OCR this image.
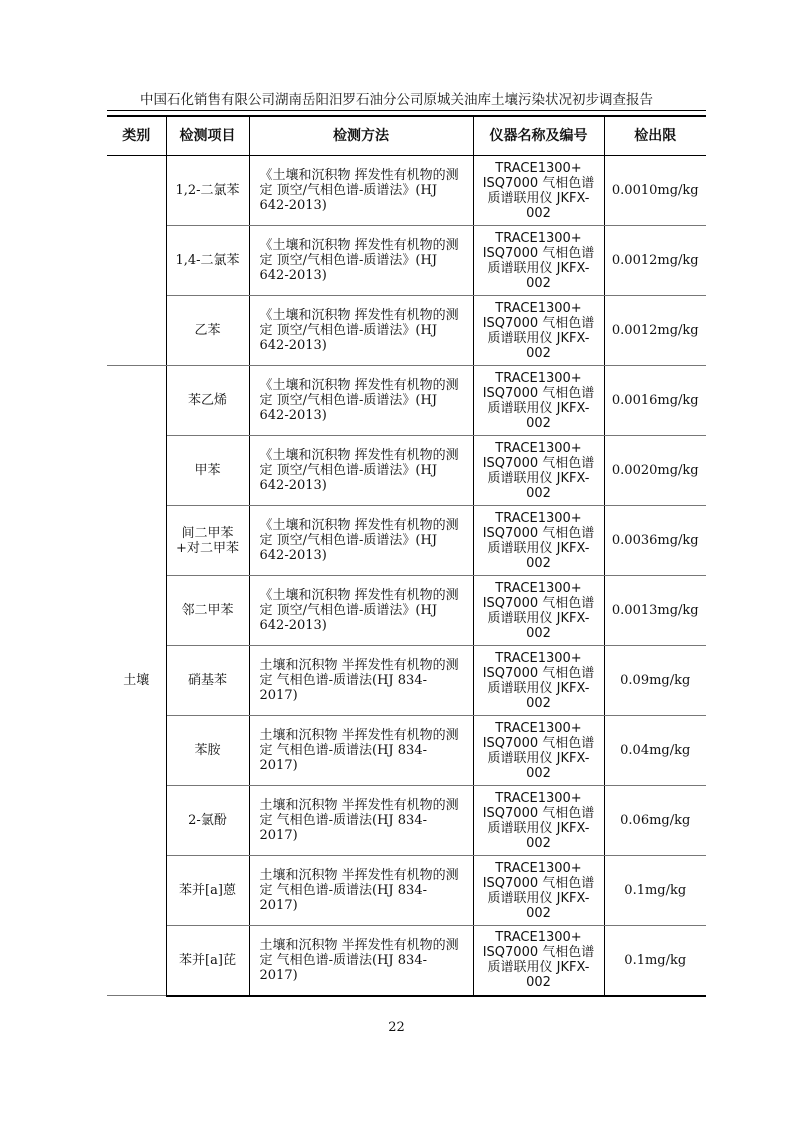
中国石化销售有限公司湖南岳阳汨罗石油分公司原城关油库土壤污染状况初步调查报告
类别	检测项目	检测方法	仪器名称及编号	检出限
	1,2-二氯苯	《土壤和沉积物 挥发性有机物的测定 顶空/气相色谱-质谱法》(HJ 642-2013)	TRACE1300+ ISQ7000 气相色谱质谱联用仪 JKFX-002	0.0010mg/kg
	1,4-二氯苯	《土壤和沉积物 挥发性有机物的测定 顶空/气相色谱-质谱法》(HJ 642-2013)	TRACE1300+ ISQ7000 气相色谱质谱联用仪 JKFX-002	0.0012mg/kg
	乙苯	《土壤和沉积物 挥发性有机物的测定 顶空/气相色谱-质谱法》(HJ 642-2013)	TRACE1300+ ISQ7000 气相色谱质谱联用仪 JKFX-002	0.0012mg/kg
土壤	苯乙烯	《土壤和沉积物 挥发性有机物的测定 顶空/气相色谱-质谱法》(HJ 642-2013)	TRACE1300+ ISQ7000 气相色谱质谱联用仪 JKFX-002	0.0016mg/kg
	甲苯	《土壤和沉积物 挥发性有机物的测定 顶空/气相色谱-质谱法》(HJ 642-2013)	TRACE1300+ ISQ7000 气相色谱质谱联用仪 JKFX-002	0.0020mg/kg
	间二甲苯+对二甲苯	《土壤和沉积物 挥发性有机物的测定 顶空/气相色谱-质谱法》(HJ 642-2013)	TRACE1300+ ISQ7000 气相色谱质谱联用仪 JKFX-002	0.0036mg/kg
	邻二甲苯	《土壤和沉积物 挥发性有机物的测定 顶空/气相色谱-质谱法》(HJ 642-2013)	TRACE1300+ ISQ7000 气相色谱质谱联用仪 JKFX-002	0.0013mg/kg
	硝基苯	土壤和沉积物 半挥发性有机物的测定 气相色谱-质谱法(HJ 834-2017)	TRACE1300+ ISQ7000 气相色谱质谱联用仪 JKFX-002	0.09mg/kg
	苯胺	土壤和沉积物 半挥发性有机物的测定 气相色谱-质谱法(HJ 834-2017)	TRACE1300+ ISQ7000 气相色谱质谱联用仪 JKFX-002	0.04mg/kg
	2-氯酚	土壤和沉积物 半挥发性有机物的测定 气相色谱-质谱法(HJ 834-2017)	TRACE1300+ ISQ7000 气相色谱质谱联用仪 JKFX-002	0.06mg/kg
	苯并[a]蒽	土壤和沉积物 半挥发性有机物的测定 气相色谱-质谱法(HJ 834-2017)	TRACE1300+ ISQ7000 气相色谱质谱联用仪 JKFX-002	0.1mg/kg
	苯并[a]芘	土壤和沉积物 半挥发性有机物的测定 气相色谱-质谱法(HJ 834-2017)	TRACE1300+ ISQ7000 气相色谱质谱联用仪 JKFX-002	0.1mg/kg
22
